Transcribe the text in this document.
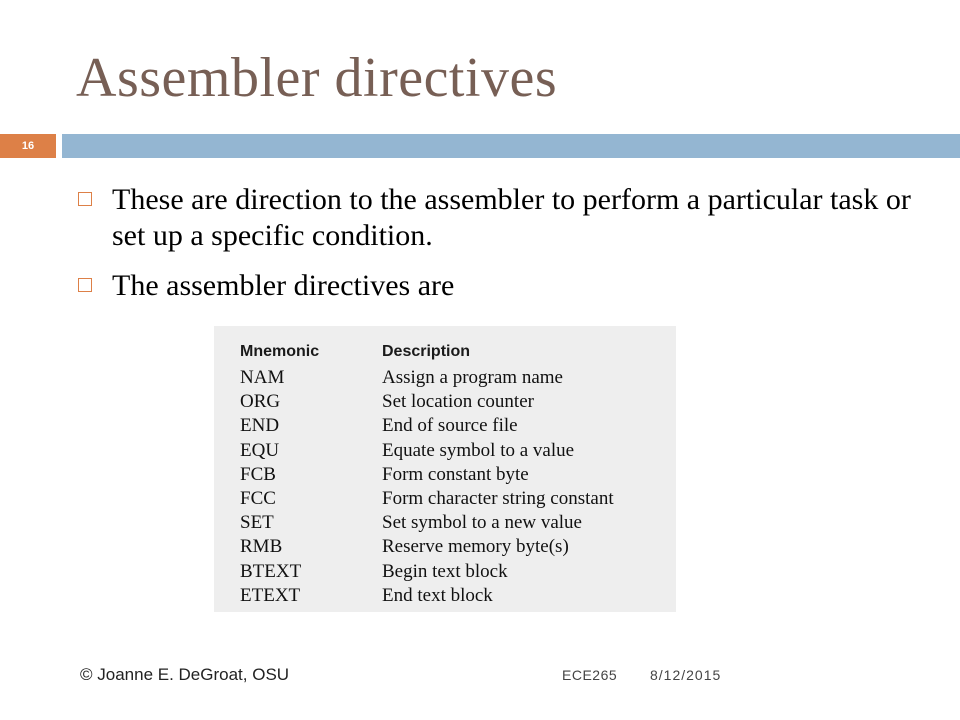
Assembler directives
16
These are direction to the assembler to perform a particular task or set up a specific condition.
The assembler directives are
Mnemonic	Description
NAM	Assign a program name
ORG	Set location counter
END	End of source file
EQU	Equate symbol to a value
FCB	Form constant byte
FCC	Form character string constant
SET	Set symbol to a new value
RMB	Reserve memory byte(s)
BTEXT	Begin text block
ETEXT	End text block
© Joanne E. DeGroat, OSU	ECE265 8/12/2015
